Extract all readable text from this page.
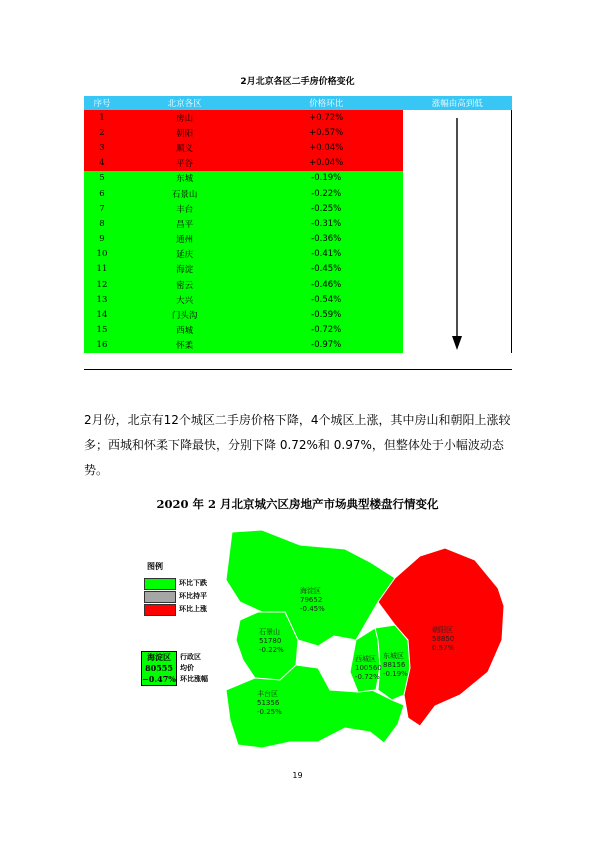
2月北京各区二手房价格变化
序号	北京各区	价格环比	涨幅由高到低
1	房山	+0.72%	

2	朝阳	+0.57%	
3	顺义	+0.04%	
4	平谷	+0.04%	
5	东城	-0.19%	
6	石景山	-0.22%	
7	丰台	-0.25%	
8	昌平	-0.31%	
9	通州	-0.36%	
10	延庆	-0.41%	
11	海淀	-0.45%	
12	密云	-0.46%	
13	大兴	-0.54%	
14	门头沟	-0.59%	
15	西城	-0.72%	
16	怀柔	-0.97%	
2月份，北京有12个城区二手房价格下降，4个城区上涨，其中房山和朝阳上涨较多；西城和怀柔下降最快，分别下降 0.72%和 0.97%，但整体处于小幅波动态势。
2020 年 2 月北京城六区房地产市场典型楼盘行情变化
图例
环比下跌
环比持平
环比上涨
海淀区
80555
−0.47%
行政区
均价
环比涨幅
海淀区
79652
-0.45%
石景山
51780
-0.22%
丰台区
51356
-0.25%
西城区
100560
-0.72%
东城区
88156
-0.19%
朝阳区
58850
0.57%
19
